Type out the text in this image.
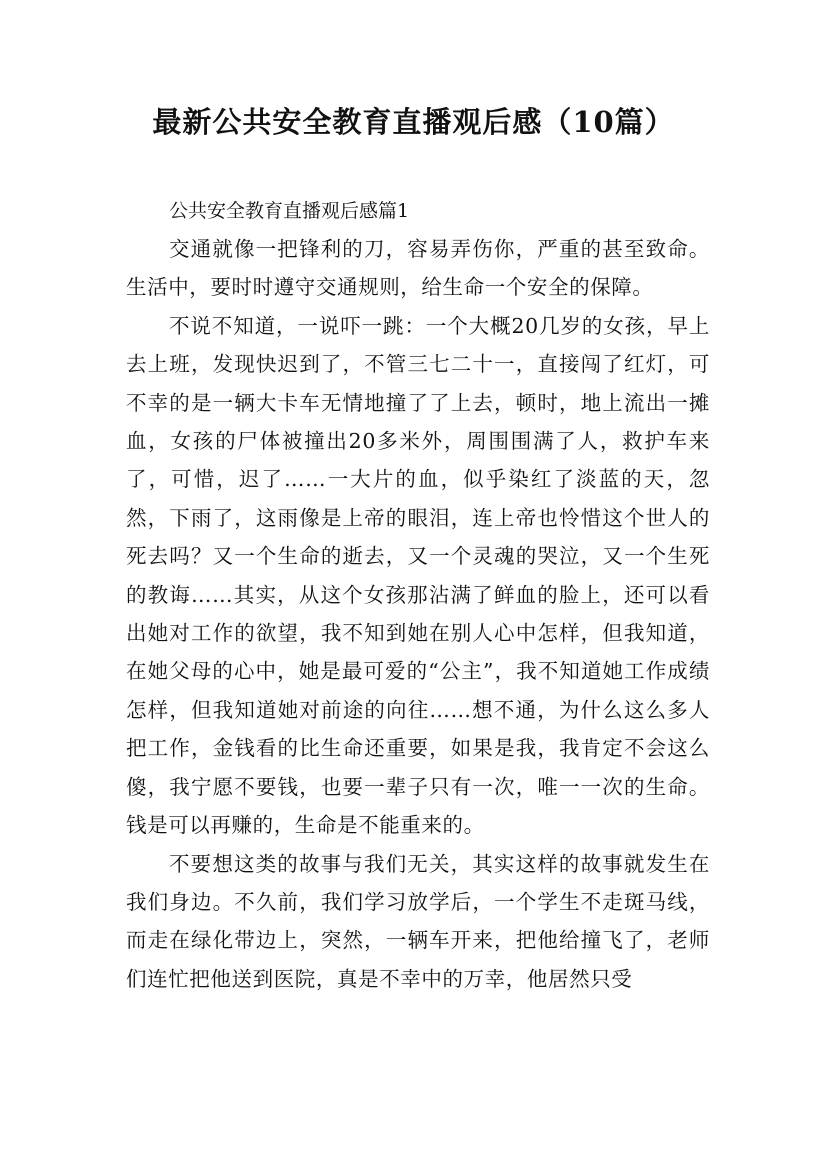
最新公共安全教育直播观后感（10篇）
公共安全教育直播观后感篇1

交通就像一把锋利的刀，容易弄伤你，严重的甚至致命。生活中，要时时遵守交通规则，给生命一个安全的保障。

不说不知道，一说吓一跳：一个大概20几岁的女孩，早上去上班，发现快迟到了，不管三七二十一，直接闯了红灯，可不幸的是一辆大卡车无情地撞了了上去，顿时，地上流出一摊血，女孩的尸体被撞出20多米外，周围围满了人，救护车来了，可惜，迟了……一大片的血，似乎染红了淡蓝的天，忽然，下雨了，这雨像是上帝的眼泪，连上帝也怜惜这个世人的死去吗？又一个生命的逝去，又一个灵魂的哭泣，又一个生死的教诲……其实，从这个女孩那沾满了鲜血的脸上，还可以看出她对工作的欲望，我不知到她在别人心中怎样，但我知道，在她父母的心中，她是最可爱的“公主”，我不知道她工作成绩怎样，但我知道她对前途的向往……想不通，为什么这么多人把工作，金钱看的比生命还重要，如果是我，我肯定不会这么傻，我宁愿不要钱，也要一辈子只有一次，唯一一次的生命。钱是可以再赚的，生命是不能重来的。

不要想这类的故事与我们无关，其实这样的故事就发生在我们身边。不久前，我们学习放学后，一个学生不走斑马线，而走在绿化带边上，突然，一辆车开来，把他给撞飞了，老师们连忙把他送到医院，真是不幸中的万幸，他居然只受
